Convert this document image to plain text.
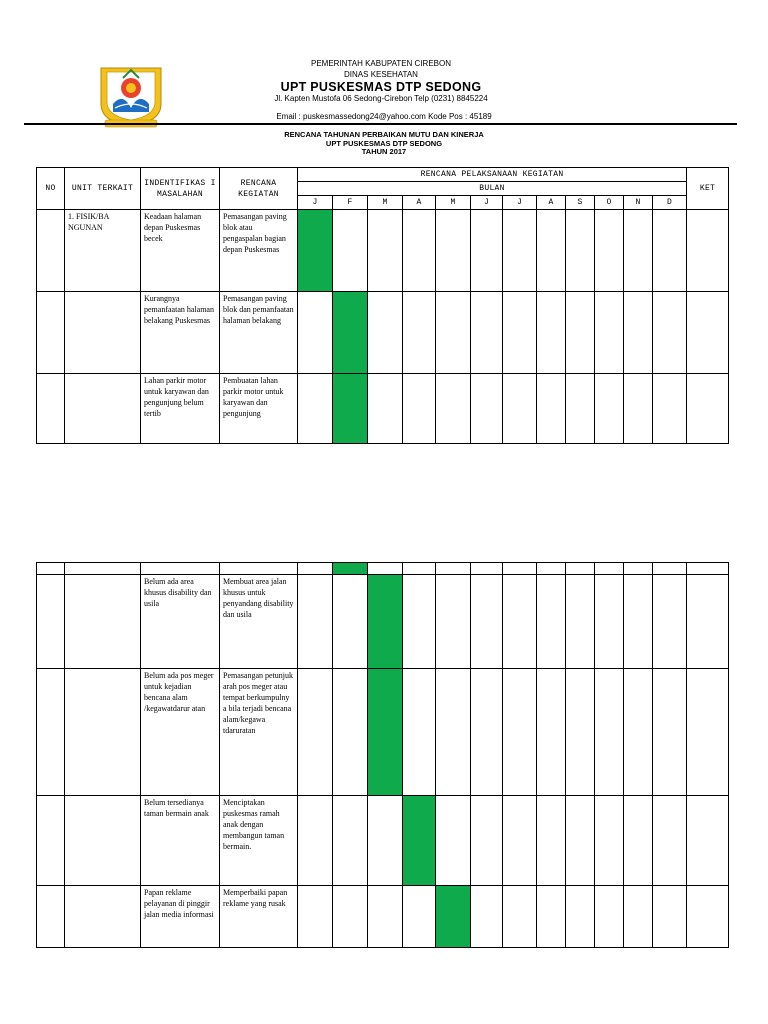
PEMERINTAH KABUPATEN CIREBON
DINAS KESEHATAN
UPT PUSKESMAS DTP SEDONG
Jl. Kapten Mustofa 06 Sedong-Cirebon Telp (0231) 8845224
Email : puskesmassedong24@yahoo.com Kode Pos : 45189
RENCANA TAHUNAN PERBAIKAN MUTU DAN KINERJA
UPT PUSKESMAS DTP SEDONG
TAHUN 2017
NO	UNIT TERKAIT	INDENTIFIKAS I MASALAHAN	RENCANA KEGIATAN	RENCANA PELAKSANAAN KEGIATAN												KET
				BULAN												
				J	F	M	A	M	J	J	A	S	O	N	D	
	1. FISIK/BA NGUNAN	Keadaan halaman depan Puskesmas becek	Pemasangan paving blok atau pengaspalan bagian depan Puskesmas													
		Kurangnya pemanfaatan halaman belakang Puskesmas	Pemasangan paving blok dan pemanfaatan halaman belakang													
		Lahan parkir motor untuk karyawan dan pengunjung belum tertib	Pembuatan lahan parkir motor untuk karyawan dan pengunjung													

		Belum ada area khusus disability dan usila	Membuat area jalan khusus untuk penyandang disability dan usila													
		Belum ada pos meger untuk kejadian bencana alam /kegawatdarur atan	Pemasangan petunjuk arah pos meger atau tempat berkumpulny a bila terjadi bencana alam/kegawa tdaruratan													
		Belum tersedianya taman bermain anak	Menciptakan puskesmas ramah anak dengan membangun taman bermain.													
		Papan reklame pelayanan di pinggir jalan media informasi	Memperbaiki papan reklame yang rusak													
